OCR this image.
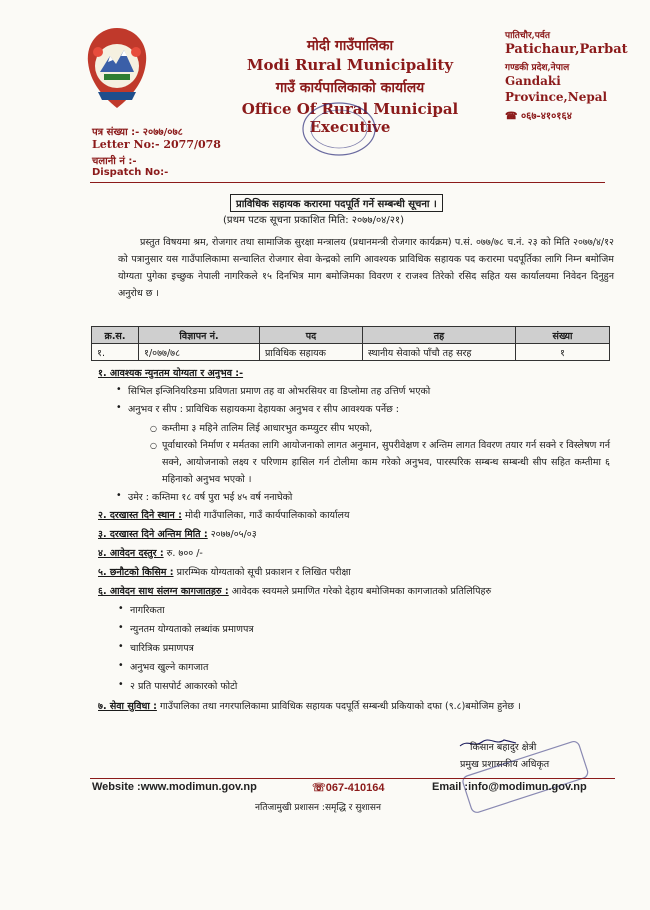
मोदी गाउँपालिका
Modi Rural Municipality
गाउँ कार्यपालिकाको कार्यालय
Office Of Rural Municipal Executive
पातिचौर,पर्वत
Patichaur,Parbat
गण्डकी प्रदेश,नेपाल
Gandaki
Province,Nepal
☎ ०६७-४१०१६४
पत्र संख्या :- २०७७/०७८
Letter No:- 2077/078
चलानी नं :-
Dispatch No:-
प्राविधिक सहायक करारमा पदपूर्ति गर्ने सम्बन्धी सूचना ।
(प्रथम पटक सूचना प्रकाशित मिति: २०७७/०४/२१)
प्रस्तुत विषयमा श्रम, रोजगार तथा सामाजिक सुरक्षा मन्त्रालय (प्रधानमन्त्री रोजगार कार्यक्रम) प.सं. ०७७/७८ च.नं. २३ को मिति २०७७/४/१२ को पत्रानुसार यस गाउँपालिकामा सन्चालित रोजगार सेवा केन्द्रको लागि आवश्यक प्राविधिक सहायक पद करारमा पदपूर्तिका लागि निम्न बमोजिम योग्यता पुगेका इच्छुक नेपाली नागरिकले १५ दिनभित्र माग बमोजिमका विवरण र राजश्व तिरेको रसिद सहित यस कार्यालयमा निवेदन दिनुहुन अनुरोध छ ।
क्र.स.	विज्ञापन नं.	पद	तह	संख्या
१.	१/०७७/७८	प्राविधिक सहायक	स्थानीय सेवाको पाँचौ तह सरह	१
१. आवश्यक न्युनतम योग्यता र अनुभव :-
• सिभिल इन्जिनियरिङमा प्रविणता प्रमाण तह वा ओभरसियर वा डिप्लोमा तह उत्तिर्ण भएको
• अनुभव र सीप : प्राविधिक सहायकमा देहायका अनुभव र सीप आवश्यक पर्नेछ :
○ कम्तीमा ३ महिने तालिम लिई आधारभुत कम्प्युटर सीप भएको,
○ पूर्वाधारको निर्माण र मर्मतका लागि आयोजनाको लागत अनुमान, सुपरीवेक्षण र अन्तिम लागत विवरण तयार गर्न सक्ने र विस्लेषण गर्न सक्ने, आयोजनाको लक्ष्य र परिणाम हासिल गर्न टोलीमा काम गरेको अनुभव, पारस्परिक सम्बन्ध सम्बन्धी सीप सहित कम्तीमा ६ महिनाको अनुभव भएको ।
• उमेर : कम्तिमा १८ वर्ष पुरा भई ४५ वर्ष ननाघेको
२. दरखास्त दिने स्थान : मोदी गाउँपालिका, गाउँ कार्यपालिकाको कार्यालय
३. दरखास्त दिने अन्तिम मिति : २०७७/०५/०३
४. आवेदन दस्तुर : रु. ७०० /-
५. छनौटको किसिम : प्रारम्भिक योग्यताको सूची प्रकाशन र लिखित परीक्षा
६. आवेदन साथ संलग्न कागजातहरु : आवेदक स्वयमले प्रमाणित गरेको देहाय बमोजिमका कागजातको प्रतिलिपिहरु
• नागरिकता
• न्युनतम योग्यताको लब्धांक प्रमाणपत्र
• चारित्रिक प्रमाणपत्र
• अनुभव खुल्ने कागजात
• २ प्रति पासपोर्ट आकारको फोटो
७. सेवा सुविधा : गाउँपालिका तथा नगरपालिकामा प्राविधिक सहायक पदपूर्ति सम्बन्धी प्रकियाको दफा (९.८)बमोजिम हुनेछ ।
किसान बहादुर क्षेत्री
प्रमुख प्रशासकीय अधिकृत
Website :www.modimun.gov.np	☏067-410164	Email :info@modimun.gov.np
नतिजामुखी प्रशासन :समृद्धि र सुशासन
